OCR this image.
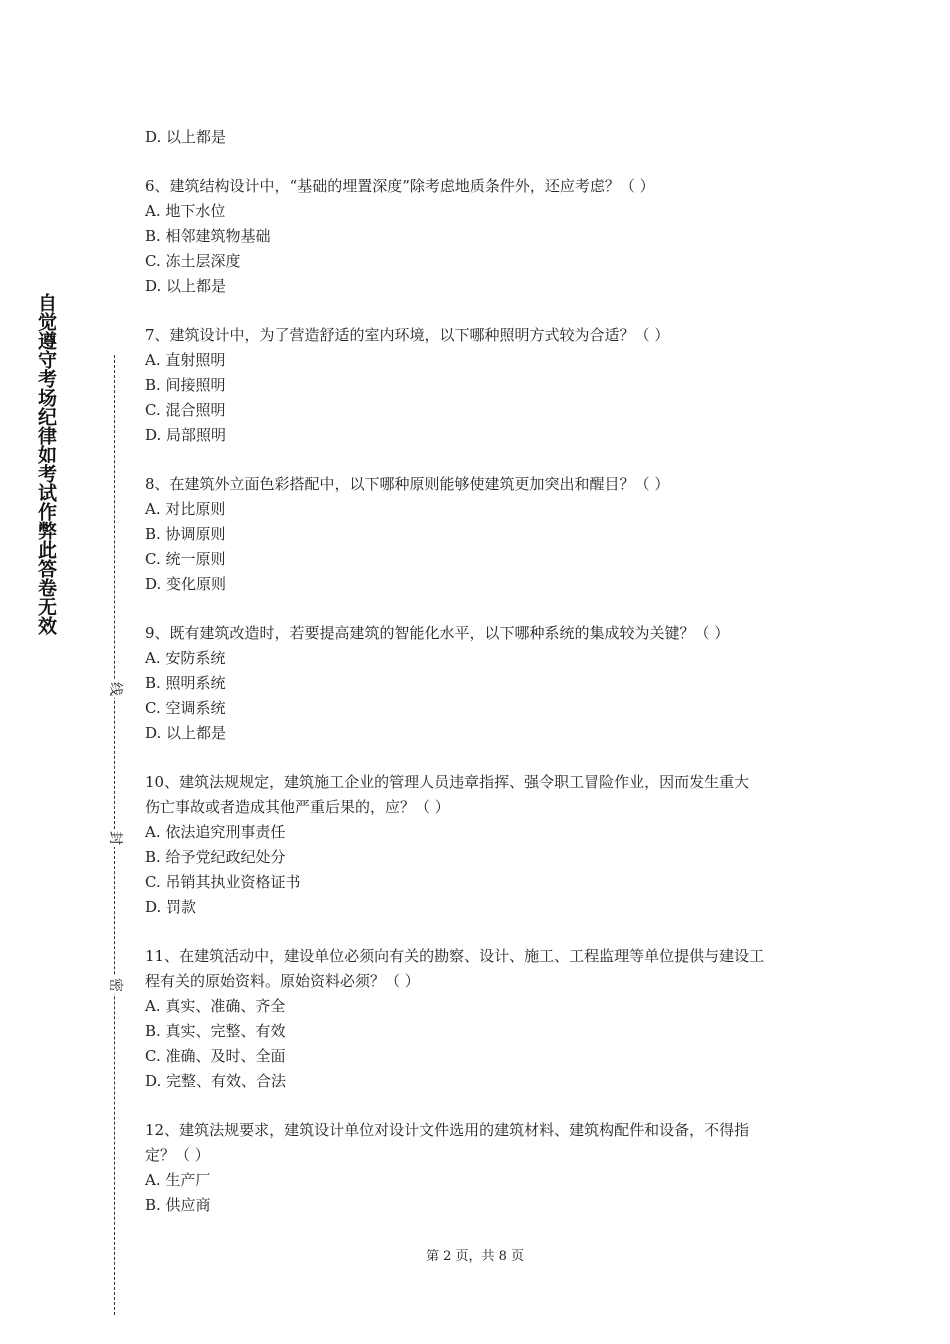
自觉遵守考场纪律如考试作弊此答卷无效
线
封
密
D. 以上都是
6、建筑结构设计中，“基础的埋置深度”除考虑地质条件外，还应考虑？（ ）
A. 地下水位
B. 相邻建筑物基础
C. 冻土层深度
D. 以上都是
7、建筑设计中，为了营造舒适的室内环境，以下哪种照明方式较为合适？（ ）
A. 直射照明
B. 间接照明
C. 混合照明
D. 局部照明
8、在建筑外立面色彩搭配中，以下哪种原则能够使建筑更加突出和醒目？（ ）
A. 对比原则
B. 协调原则
C. 统一原则
D. 变化原则
9、既有建筑改造时，若要提高建筑的智能化水平，以下哪种系统的集成较为关键？（ ）
A. 安防系统
B. 照明系统
C. 空调系统
D. 以上都是
10、建筑法规规定，建筑施工企业的管理人员违章指挥、强令职工冒险作业，因而发生重大
伤亡事故或者造成其他严重后果的，应？（ ）
A. 依法追究刑事责任
B. 给予党纪政纪处分
C. 吊销其执业资格证书
D. 罚款
11、在建筑活动中，建设单位必须向有关的勘察、设计、施工、工程监理等单位提供与建设工
程有关的原始资料。原始资料必须？（ ）
A. 真实、准确、齐全
B. 真实、完整、有效
C. 准确、及时、全面
D. 完整、有效、合法
12、建筑法规要求，建筑设计单位对设计文件选用的建筑材料、建筑构配件和设备，不得指
定？（ ）
A. 生产厂
B. 供应商
第 2 页，共 8 页
